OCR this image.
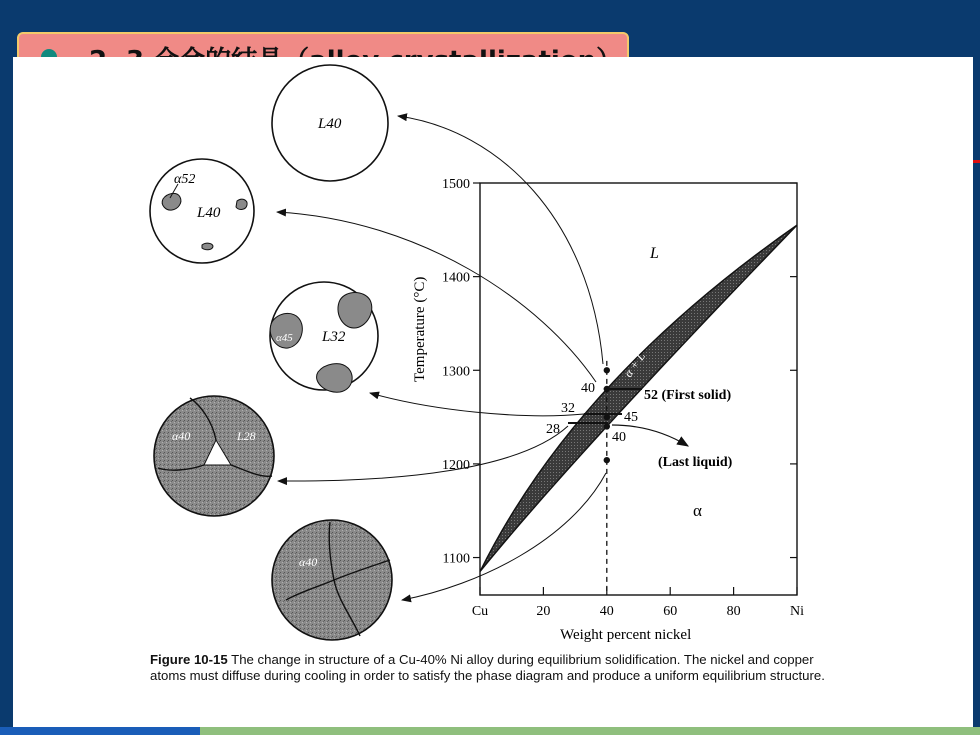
1100
1200
1300
1400
1500
Cu	20	40	60	80	Ni
L
α + L
α
52 (First solid)
(Last liquid)
40
32
28
45
40
Weight percent nickel
Temperature (°C)
L40
α52
L40
α45 L32
α40	L28
α40
Figure 10-15 The change in structure of a Cu-40% Ni alloy during equilibrium solidification. The nickel and copper atoms must diffuse during cooling in order to satisfy the phase diagram and produce a uniform equilibrium structure.
